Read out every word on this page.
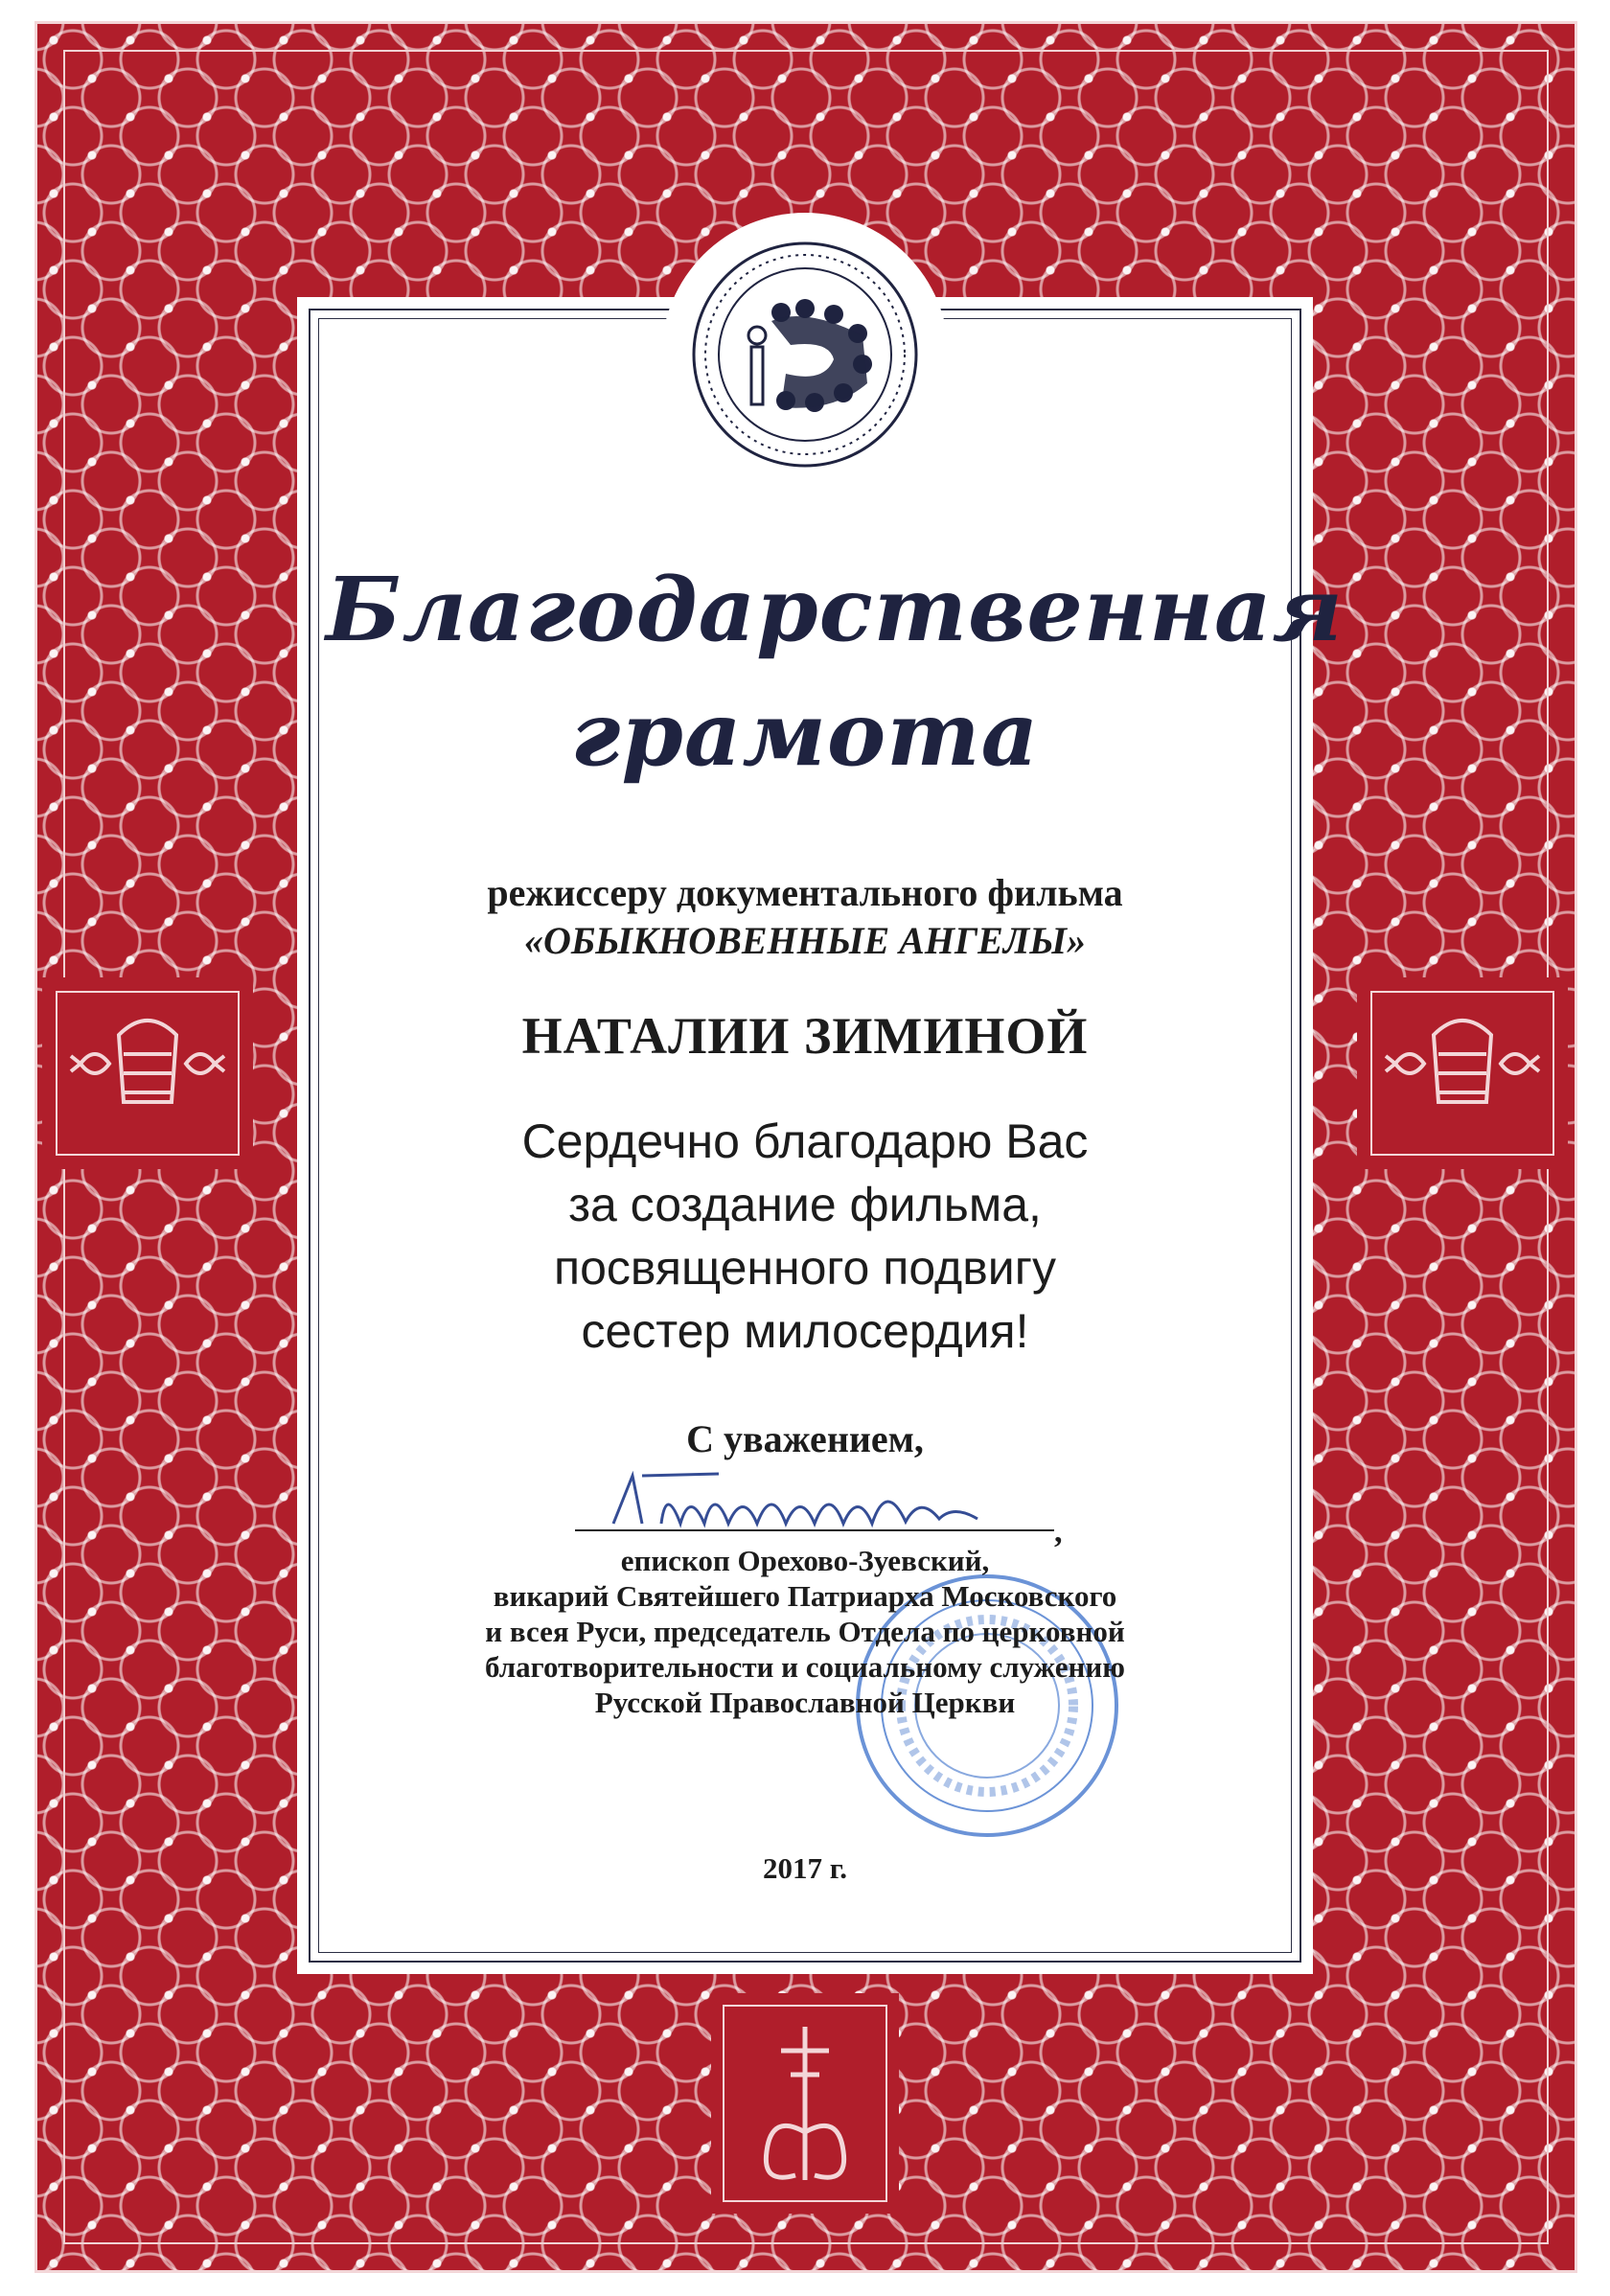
Благодарственная
грамота

режиссеру документального фильма

«ОБЫКНОВЕННЫЕ АНГЕЛЫ»

НАТАЛИИ ЗИМИНОЙ

Сердечно благодарю Вас

за создание фильма,

посвященного подвигу

сестер милосердия!

С уважением,

,

епископ Орехово-Зуевский,

викарий Святейшего Патриарха Московского

и всея Руси, председатель Отдела по церковной

благотворительности и социальному служению

Русской Православной Церкви

2017 г.
